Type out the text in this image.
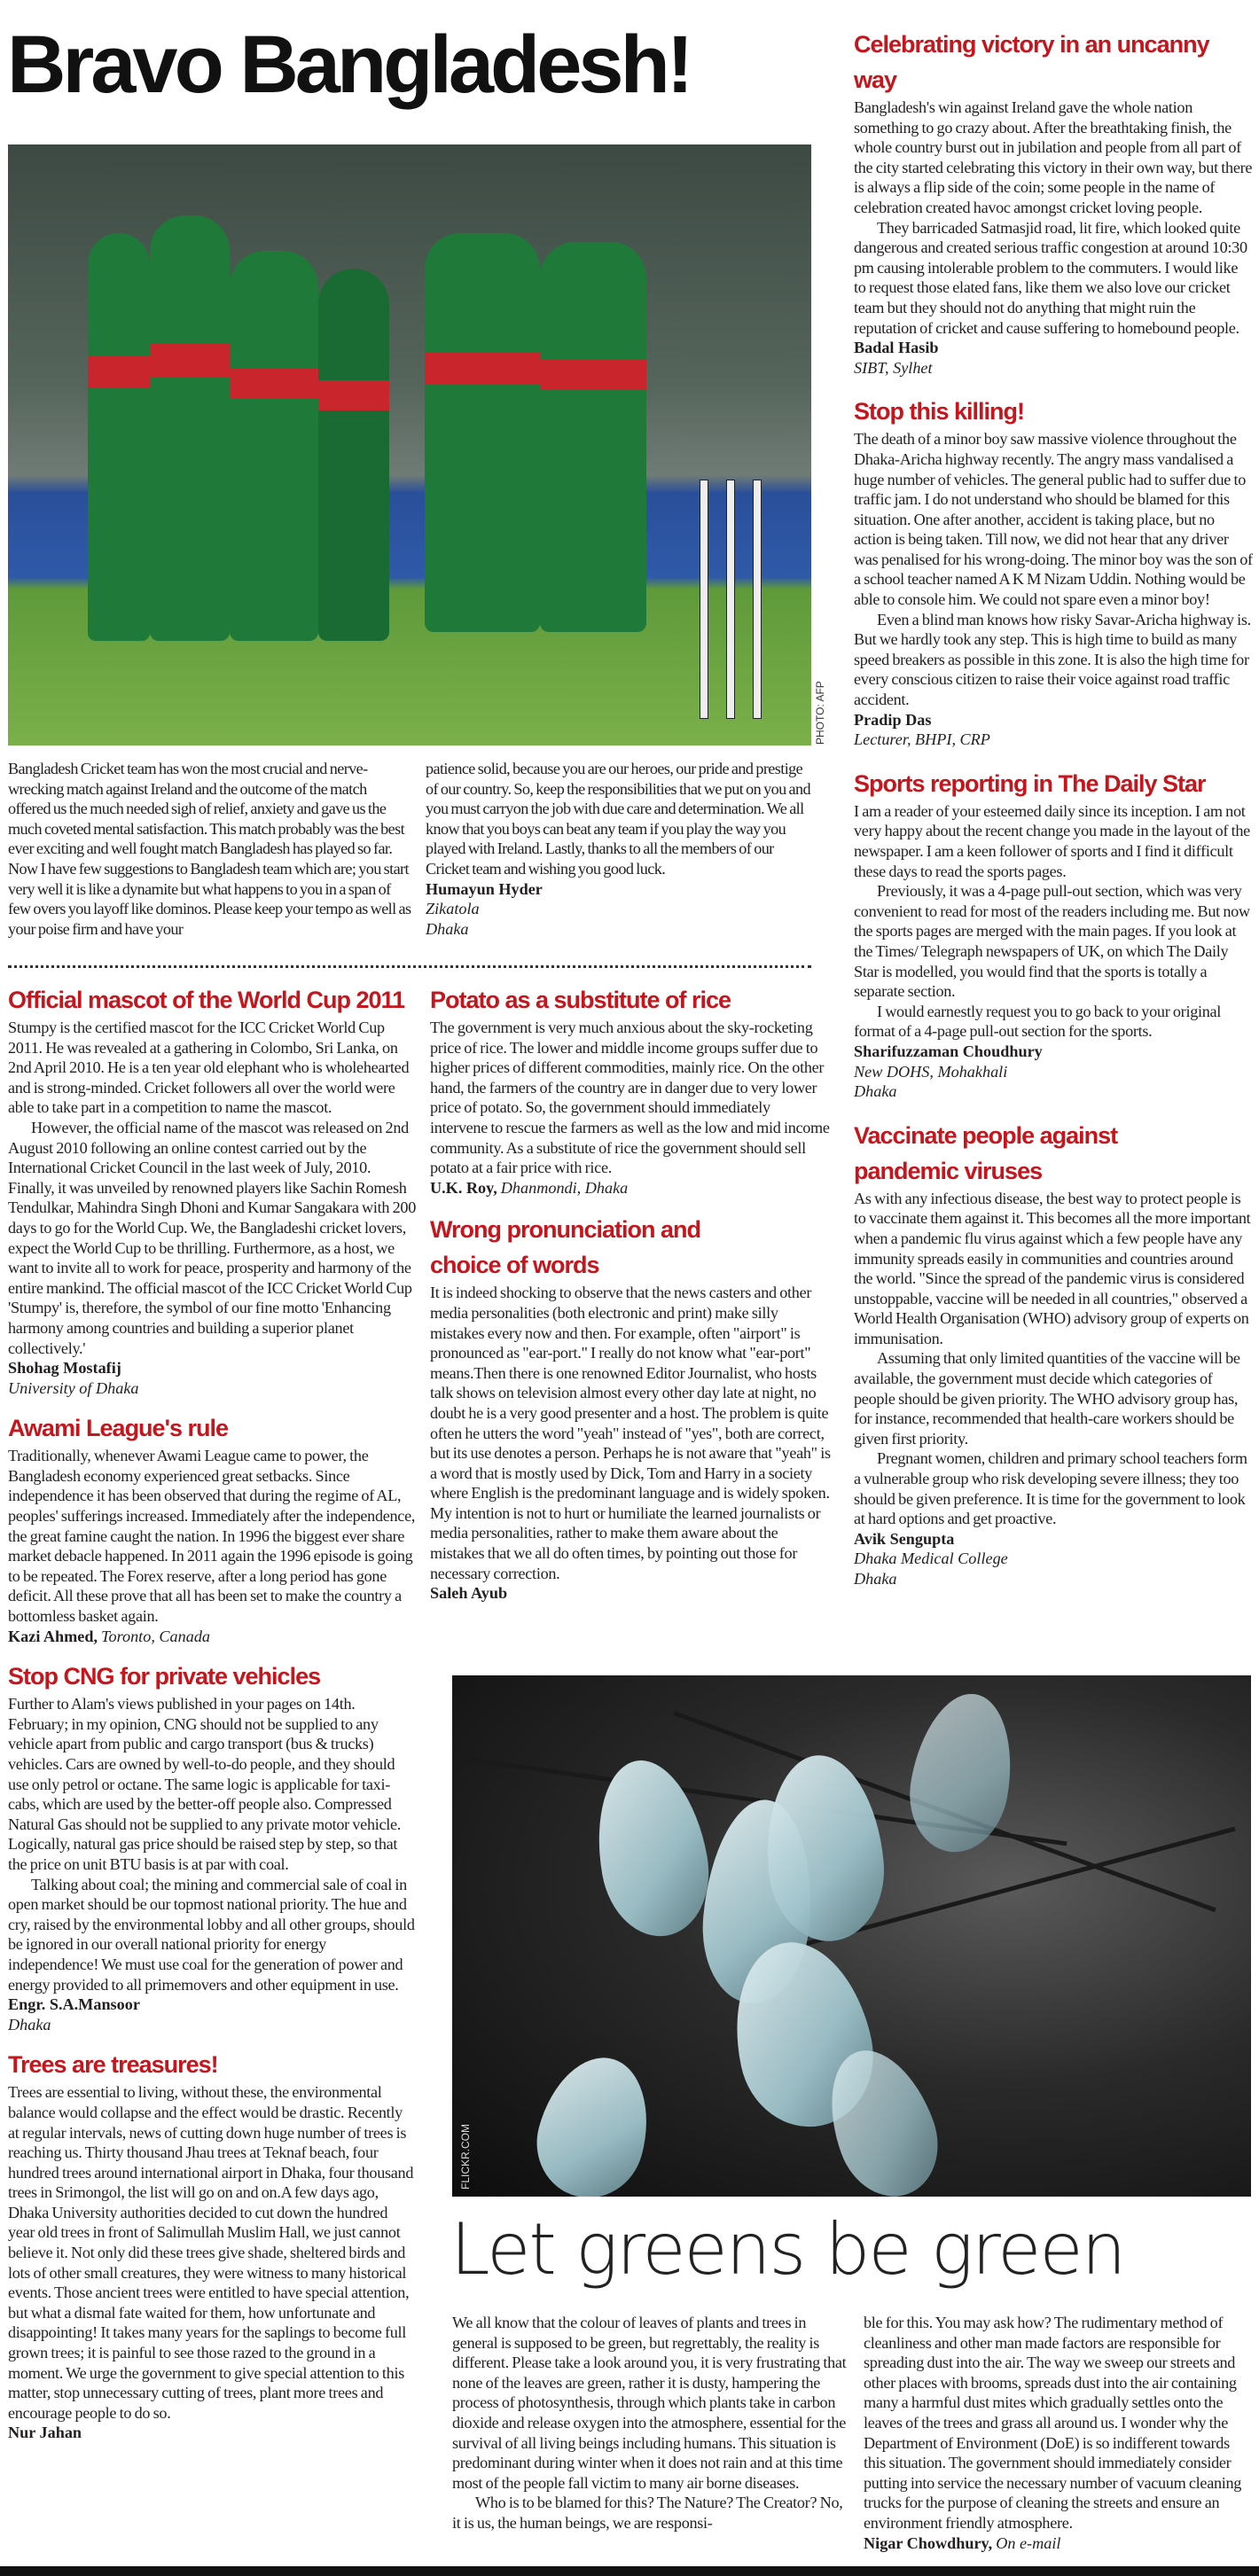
Bravo Bangladesh!
PHOTO: AFP

Bangladesh Cricket team has won the most crucial and nerve-wrecking match against Ireland and the outcome of the match offered us the much needed sigh of relief, anxiety and gave us the much coveted mental satisfaction. This match probably was the best ever exciting and well fought match Bangladesh has played so far. Now I have few suggestions to Bangladesh team which are; you start very well it is like a dynamite but what happens to you in a span of few overs you layoff like dominos. Please keep your tempo as well as your poise firm and have your

patience solid, because you are our heroes, our pride and prestige of our country. So, keep the responsibilities that we put on you and you must carryon the job with due care and determination. We all know that you boys can beat any team if you play the way you played with Ireland. Lastly, thanks to all the members of our Cricket team and wishing you good luck.

Humayun Hyder
Zikatola
Dhaka
Celebrating victory in an uncanny way

Bangladesh's win against Ireland gave the whole nation something to go crazy about. After the breathtaking finish, the whole country burst out in jubilation and people from all part of the city started celebrating this victory in their own way, but there is always a flip side of the coin; some people in the name of celebration created havoc amongst cricket loving people.

They barricaded Satmasjid road, lit fire, which looked quite dangerous and created serious traffic congestion at around 10:30 pm causing intolerable problem to the commuters. I would like to request those elated fans, like them we also love our cricket team but they should not do anything that might ruin the reputation of cricket and cause suffering to homebound people.

Badal Hasib
SIBT, Sylhet
Stop this killing!

The death of a minor boy saw massive violence throughout the Dhaka-Aricha highway recently. The angry mass vandalised a huge number of vehicles. The general public had to suffer due to traffic jam. I do not understand who should be blamed for this situation. One after another, accident is taking place, but no action is being taken. Till now, we did not hear that any driver was penalised for his wrong-doing. The minor boy was the son of a school teacher named A K M Nizam Uddin. Nothing would be able to console him. We could not spare even a minor boy!

Even a blind man knows how risky Savar-Aricha highway is. But we hardly took any step. This is high time to build as many speed breakers as possible in this zone. It is also the high time for every conscious citizen to raise their voice against road traffic accident.

Pradip Das
Lecturer, BHPI, CRP
Sports reporting in The Daily Star

I am a reader of your esteemed daily since its inception. I am not very happy about the recent change you made in the layout of the newspaper. I am a keen follower of sports and I find it difficult these days to read the sports pages.

Previously, it was a 4-page pull-out section, which was very convenient to read for most of the readers including me. But now the sports pages are merged with the main pages. If you look at the Times/ Telegraph newspapers of UK, on which The Daily Star is modelled, you would find that the sports is totally a separate section.

I would earnestly request you to go back to your original format of a 4-page pull-out section for the sports.

Sharifuzzaman Choudhury
New DOHS, Mohakhali
Dhaka
Vaccinate people against
pandemic viruses

As with any infectious disease, the best way to protect people is to vaccinate them against it. This becomes all the more important when a pandemic flu virus against which a few people have any immunity spreads easily in communities and countries around the world. "Since the spread of the pandemic virus is considered unstoppable, vaccine will be needed in all countries," observed a World Health Organisation (WHO) advisory group of experts on immunisation.

Assuming that only limited quantities of the vaccine will be available, the government must decide which categories of people should be given priority. The WHO advisory group has, for instance, recommended that health-care workers should be given first priority.

Pregnant women, children and primary school teachers form a vulnerable group who risk developing severe illness; they too should be given preference. It is time for the government to look at hard options and get proactive.

Avik Sengupta
Dhaka Medical College
Dhaka
Official mascot of the World Cup 2011

Stumpy is the certified mascot for the ICC Cricket World Cup 2011. He was revealed at a gathering in Colombo, Sri Lanka, on 2nd April 2010. He is a ten year old elephant who is wholehearted and is strong-minded. Cricket followers all over the world were able to take part in a competition to name the mascot.

However, the official name of the mascot was released on 2nd August 2010 following an online contest carried out by the International Cricket Council in the last week of July, 2010. Finally, it was unveiled by renowned players like Sachin Romesh Tendulkar, Mahindra Singh Dhoni and Kumar Sangakara with 200 days to go for the World Cup. We, the Bangladeshi cricket lovers, expect the World Cup to be thrilling. Furthermore, as a host, we want to invite all to work for peace, prosperity and harmony of the entire mankind. The official mascot of the ICC Cricket World Cup 'Stumpy' is, therefore, the symbol of our fine motto 'Enhancing harmony among countries and building a superior planet collectively.'

Shohag Mostafij
University of Dhaka
Awami League's rule

Traditionally, whenever Awami League came to power, the Bangladesh economy experienced great setbacks. Since independence it has been observed that during the regime of AL, peoples' sufferings increased. Immediately after the independence, the great famine caught the nation. In 1996 the biggest ever share market debacle happened. In 2011 again the 1996 episode is going to be repeated. The Forex reserve, after a long period has gone deficit. All these prove that all has been set to make the country a bottomless basket again.

Kazi Ahmed, Toronto, Canada
Stop CNG for private vehicles

Further to Alam's views published in your pages on 14th. February; in my opinion, CNG should not be supplied to any vehicle apart from public and cargo transport (bus & trucks) vehicles. Cars are owned by well-to-do people, and they should use only petrol or octane. The same logic is applicable for taxi-cabs, which are used by the better-off people also. Compressed Natural Gas should not be supplied to any private motor vehicle. Logically, natural gas price should be raised step by step, so that the price on unit BTU basis is at par with coal.

Talking about coal; the mining and commercial sale of coal in open market should be our topmost national priority. The hue and cry, raised by the environmental lobby and all other groups, should be ignored in our overall national priority for energy independence! We must use coal for the generation of power and energy provided to all primemovers and other equipment in use.

Engr. S.A.Mansoor
Dhaka
Trees are treasures!

Trees are essential to living, without these, the environmental balance would collapse and the effect would be drastic. Recently at regular intervals, news of cutting down huge number of trees is reaching us. Thirty thousand Jhau trees at Teknaf beach, four hundred trees around international airport in Dhaka, four thousand trees in Srimongol, the list will go on and on.A few days ago, Dhaka University authorities decided to cut down the hundred year old trees in front of Salimullah Muslim Hall, we just cannot believe it. Not only did these trees give shade, sheltered birds and lots of other small creatures, they were witness to many historical events. Those ancient trees were entitled to have special attention, but what a dismal fate waited for them, how unfortunate and disappointing! It takes many years for the saplings to become full grown trees; it is painful to see those razed to the ground in a moment. We urge the government to give special attention to this matter, stop unnecessary cutting of trees, plant more trees and encourage people to do so.

Nur Jahan
Potato as a substitute of rice

The government is very much anxious about the sky-rocketing price of rice. The lower and middle income groups suffer due to higher prices of different commodities, mainly rice. On the other hand, the farmers of the country are in danger due to very lower price of potato. So, the government should immediately intervene to rescue the farmers as well as the low and mid income community. As a substitute of rice the government should sell potato at a fair price with rice.

U.K. Roy, Dhanmondi, Dhaka
Wrong pronunciation and
choice of words

It is indeed shocking to observe that the news casters and other media personalities (both electronic and print) make silly mistakes every now and then. For example, often "airport" is pronounced as "ear-port." I really do not know what "ear-port" means.Then there is one renowned Editor Journalist, who hosts talk shows on television almost every other day late at night, no doubt he is a very good presenter and a host. The problem is quite often he utters the word "yeah" instead of "yes", both are correct, but its use denotes a person. Perhaps he is not aware that "yeah" is a word that is mostly used by Dick, Tom and Harry in a society where English is the predominant language and is widely spoken. My intention is not to hurt or humiliate the learned journalists or media personalities, rather to make them aware about the mistakes that we all do often times, by pointing out those for necessary correction.

Saleh Ayub
FLICKR.COM
Let greens be green

We all know that the colour of leaves of plants and trees in general is supposed to be green, but regrettably, the reality is different. Please take a look around you, it is very frustrating that none of the leaves are green, rather it is dusty, hampering the process of photosynthesis, through which plants take in carbon dioxide and release oxygen into the atmosphere, essential for the survival of all living beings including humans. This situation is predominant during winter when it does not rain and at this time most of the people fall victim to many air borne diseases.

Who is to be blamed for this? The Nature? The Creator? No, it is us, the human beings, we are responsi-

ble for this. You may ask how? The rudimentary method of cleanliness and other man made factors are responsible for spreading dust into the air. The way we sweep our streets and other places with brooms, spreads dust into the air containing many a harmful dust mites which gradually settles onto the leaves of the trees and grass all around us. I wonder why the Department of Environment (DoE) is so indifferent towards this situation. The government should immediately consider putting into service the necessary number of vacuum cleaning trucks for the purpose of cleaning the streets and ensure an environment friendly atmosphere.

Nigar Chowdhury, On e-mail
